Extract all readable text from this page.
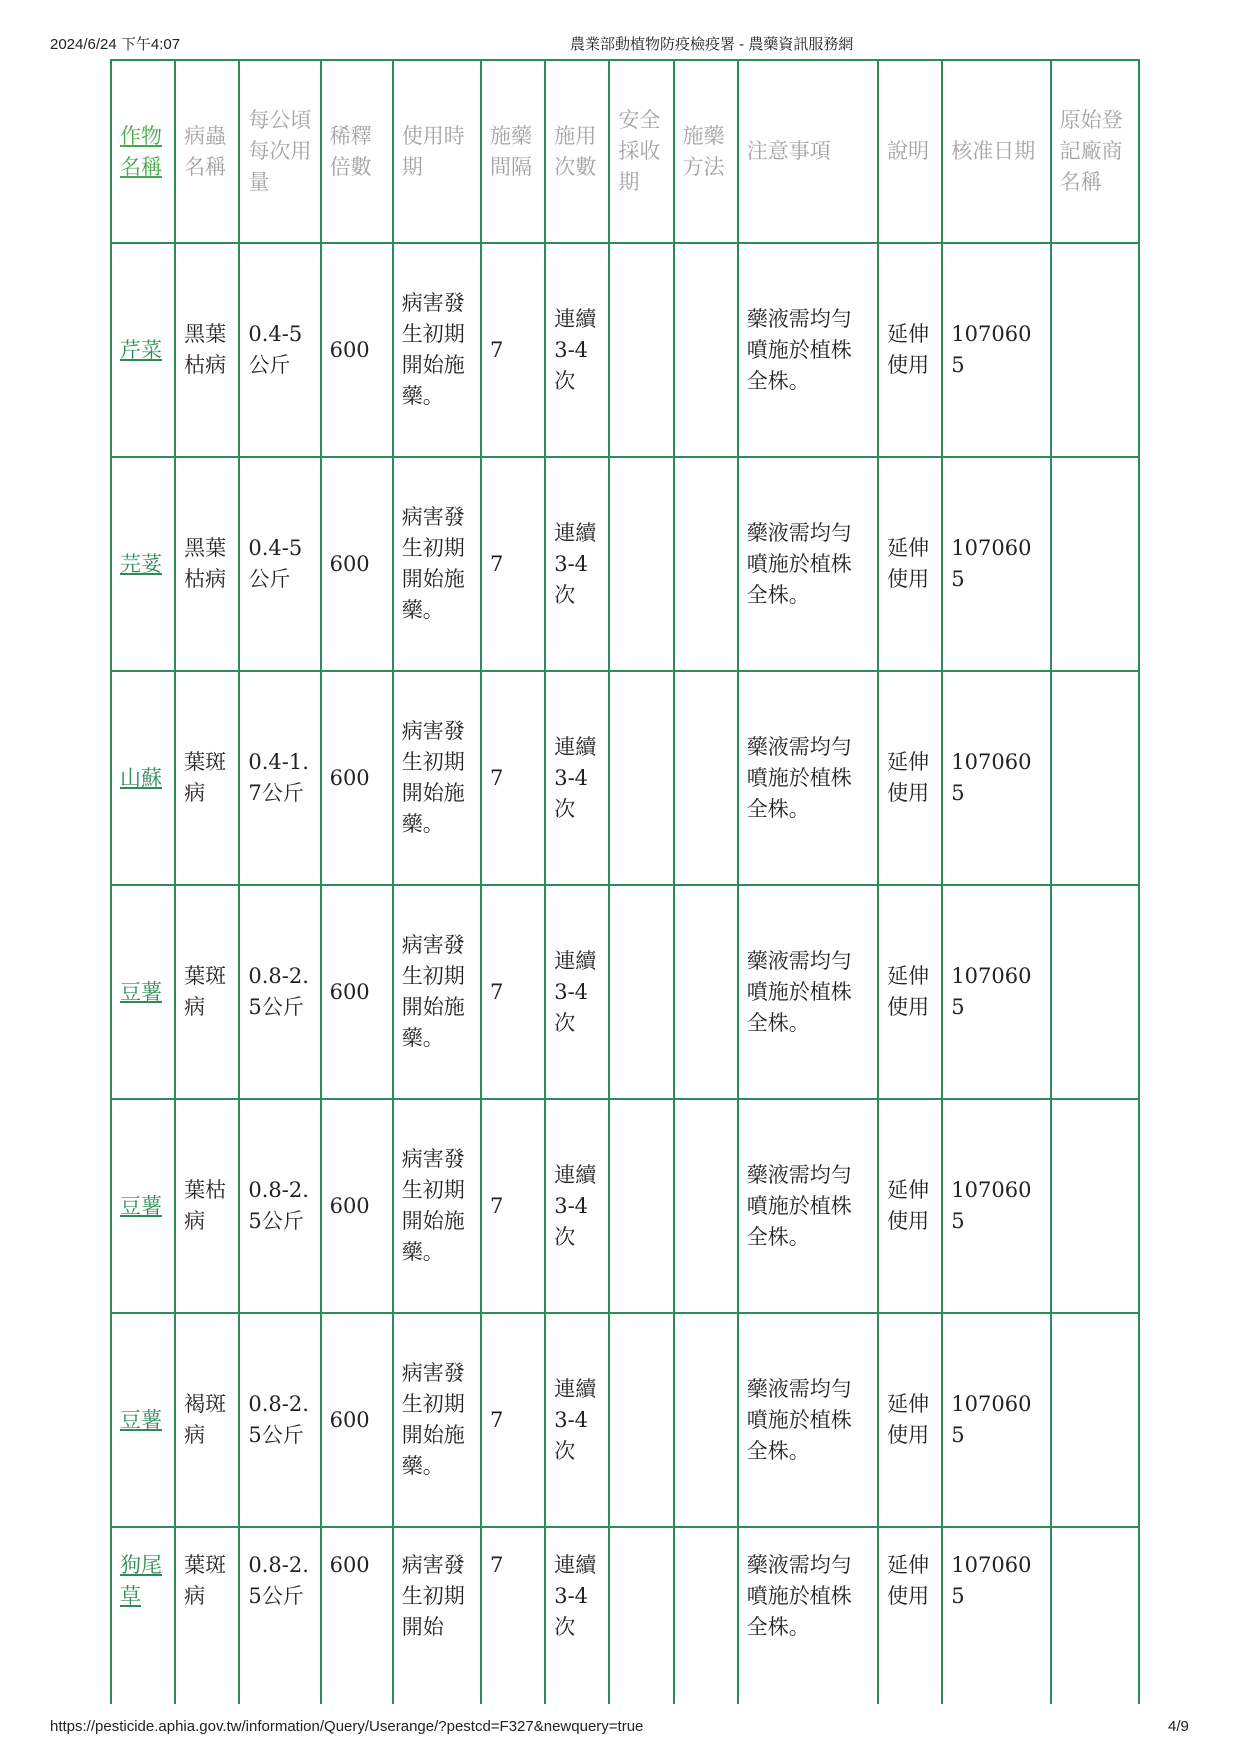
2024/6/24 下午4:07	農業部動植物防疫檢疫署 - 農藥資訊服務網
作物名稱	病蟲名稱	每公頃每次用量	稀釋倍數	使用時期	施藥間隔	施用次數	安全採收期	施藥方法	注意事項	說明	核准日期	原始登記廠商名稱
芹菜	黑葉枯病	0.4-5公斤	600	病害發生初期開始施藥。	7	連續3-4次			藥液需均勻噴施於植株全株。	延伸使用	1070605	
芫荽	黑葉枯病	0.4-5公斤	600	病害發生初期開始施藥。	7	連續3-4次			藥液需均勻噴施於植株全株。	延伸使用	1070605	
山蘇	葉斑病	0.4-1.7公斤	600	病害發生初期開始施藥。	7	連續3-4次			藥液需均勻噴施於植株全株。	延伸使用	1070605	
豆薯	葉斑病	0.8-2.5公斤	600	病害發生初期開始施藥。	7	連續3-4次			藥液需均勻噴施於植株全株。	延伸使用	1070605	
豆薯	葉枯病	0.8-2.5公斤	600	病害發生初期開始施藥。	7	連續3-4次			藥液需均勻噴施於植株全株。	延伸使用	1070605	
豆薯	褐斑病	0.8-2.5公斤	600	病害發生初期開始施藥。	7	連續3-4次			藥液需均勻噴施於植株全株。	延伸使用	1070605	
狗尾草	葉斑病	0.8-2.5公斤	600	病害發生初期開始	7	連續3-4次			藥液需均勻噴施於植株全株。	延伸使用	1070605	
https://pesticide.aphia.gov.tw/information/Query/Userange/?pestcd=F327&newquery=true	4/9
